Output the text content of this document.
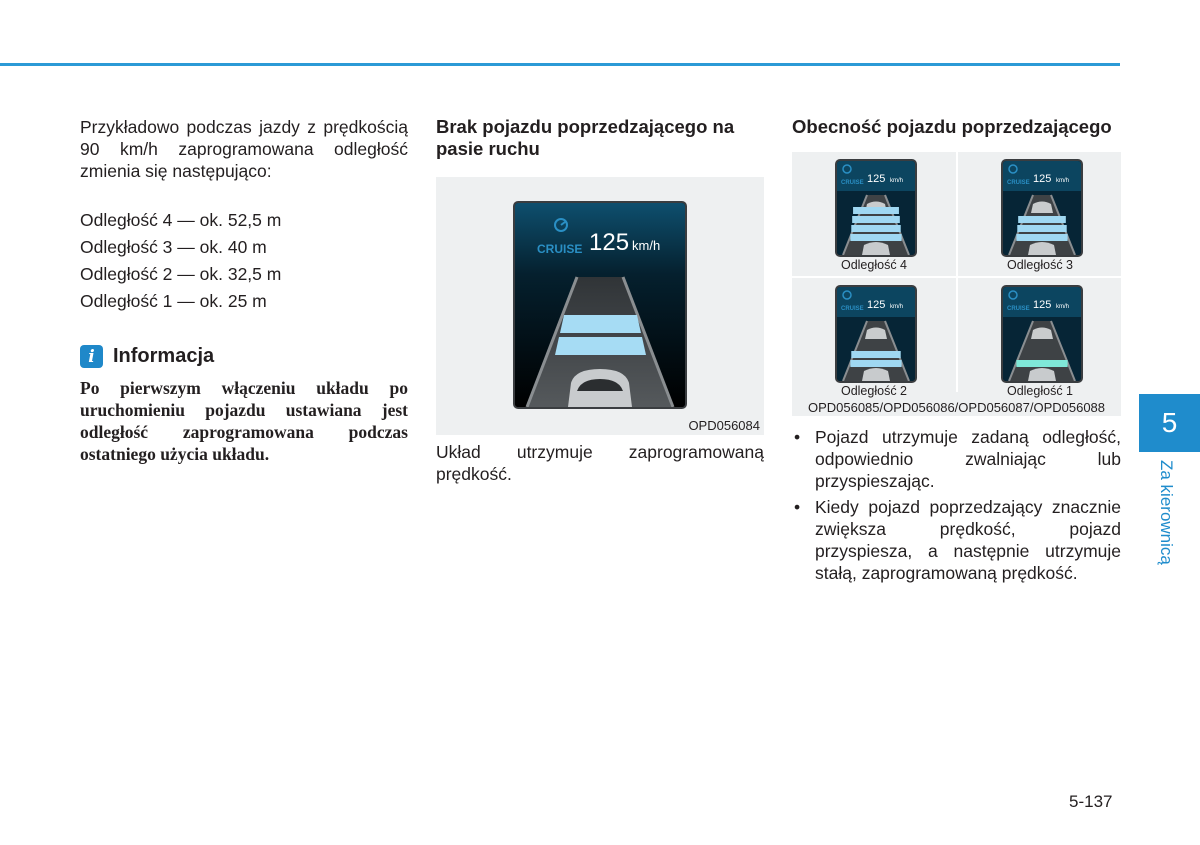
Przykładowo podczas jazdy z prędkością 90 km/h zaprogramowana odległość zmienia się następująco:

Odległość 4 — ok. 52,5 m

Odległość 3 — ok. 40 m

Odległość 2 — ok. 32,5 m

Odległość 1 — ok. 25 m

i Informacja

Po pierwszym włączeniu układu po uruchomieniu pojazdu ustawiana jest odległość zaprogramowana podczas ostatniego użycia układu.

Brak pojazdu poprzedzającego na pasie ruchu

CRUISE 125 km/h
OPD056084

Układ utrzymuje zaprogramowaną prędkość.

Obecność pojazdu poprzedzającego

Odległość 4
CRUISE 125 km/h
Odległość 3
CRUISE 125 km/h
Odległość 2
CRUISE 125 km/h
Odległość 1
CRUISE 125 km/h
OPD056085/OPD056086/OPD056087/OPD056088
• Pojazd utrzymuje zadaną odległość, odpowiednio zwalniając lub przyspieszając.
• Kiedy pojazd poprzedzający znacznie zwiększa prędkość, pojazd przyspiesza, a następnie utrzymuje stałą, zaprogramowaną prędkość.
5
Za kierownicą
5-137
